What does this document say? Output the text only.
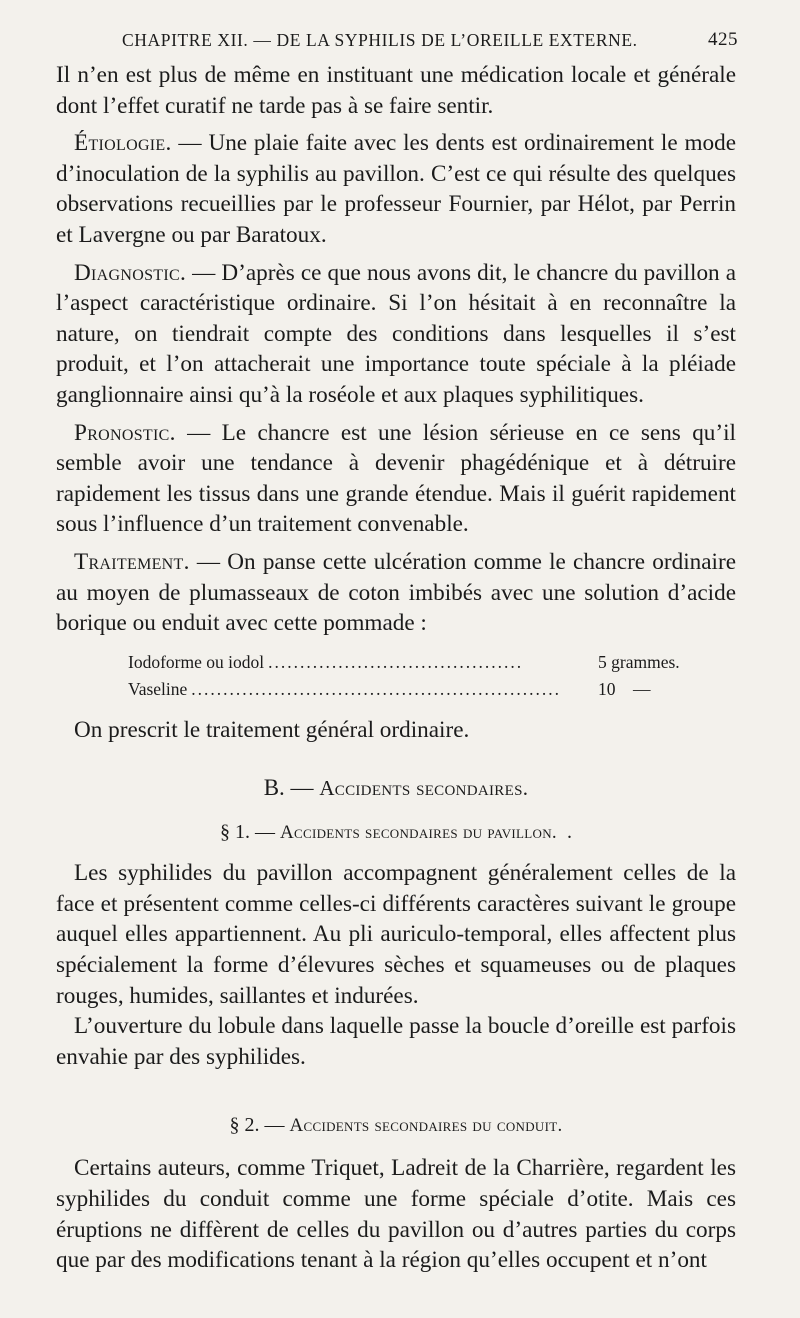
CHAPITRE XII. — DE LA SYPHILIS DE L’OREILLE EXTERNE.	425

Il n’en est plus de même en instituant une médication locale et générale dont l’effet curatif ne tarde pas à se faire sentir.

Étiologie. — Une plaie faite avec les dents est ordinairement le mode d’inoculation de la syphilis au pavillon. C’est ce qui résulte des quelques observations recueillies par le professeur Fournier, par Hélot, par Perrin et Lavergne ou par Baratoux.

Diagnostic. — D’après ce que nous avons dit, le chancre du pavillon a l’aspect caractéristique ordinaire. Si l’on hésitait à en reconnaître la nature, on tiendrait compte des conditions dans lesquelles il s’est produit, et l’on attacherait une importance toute spéciale à la pléiade ganglionnaire ainsi qu’à la roséole et aux plaques syphilitiques.

Pronostic. — Le chancre est une lésion sérieuse en ce sens qu’il semble avoir une tendance à devenir phagédénique et à détruire rapidement les tissus dans une grande étendue. Mais il guérit rapidement sous l’influence d’un traitement convenable.

Traitement. — On panse cette ulcération comme le chancre ordinaire au moyen de plumasseaux de coton imbibés avec une solution d’acide borique ou enduit avec cette pommade :

Iodoforme ou iodol ........................................	5 grammes.
Vaseline ..........................................................	10    —

On prescrit le traitement général ordinaire.

B. — Accidents secondaires.
§ 1. — Accidents secondaires du pavillon.  .

Les syphilides du pavillon accompagnent généralement celles de la face et présentent comme celles-ci différents caractères suivant le groupe auquel elles appartiennent. Au pli auriculo-temporal, elles affectent plus spécialement la forme d’élevures sèches et squameuses ou de plaques rouges, humides, saillantes et indurées.

L’ouverture du lobule dans laquelle passe la boucle d’oreille est parfois envahie par des syphilides.

§ 2. — Accidents secondaires du conduit.

Certains auteurs, comme Triquet, Ladreit de la Charrière, regardent les syphilides du conduit comme une forme spéciale d’otite. Mais ces éruptions ne diffèrent de celles du pavillon ou d’autres parties du corps que par des modifications tenant à la région qu’elles occupent et n’ont
